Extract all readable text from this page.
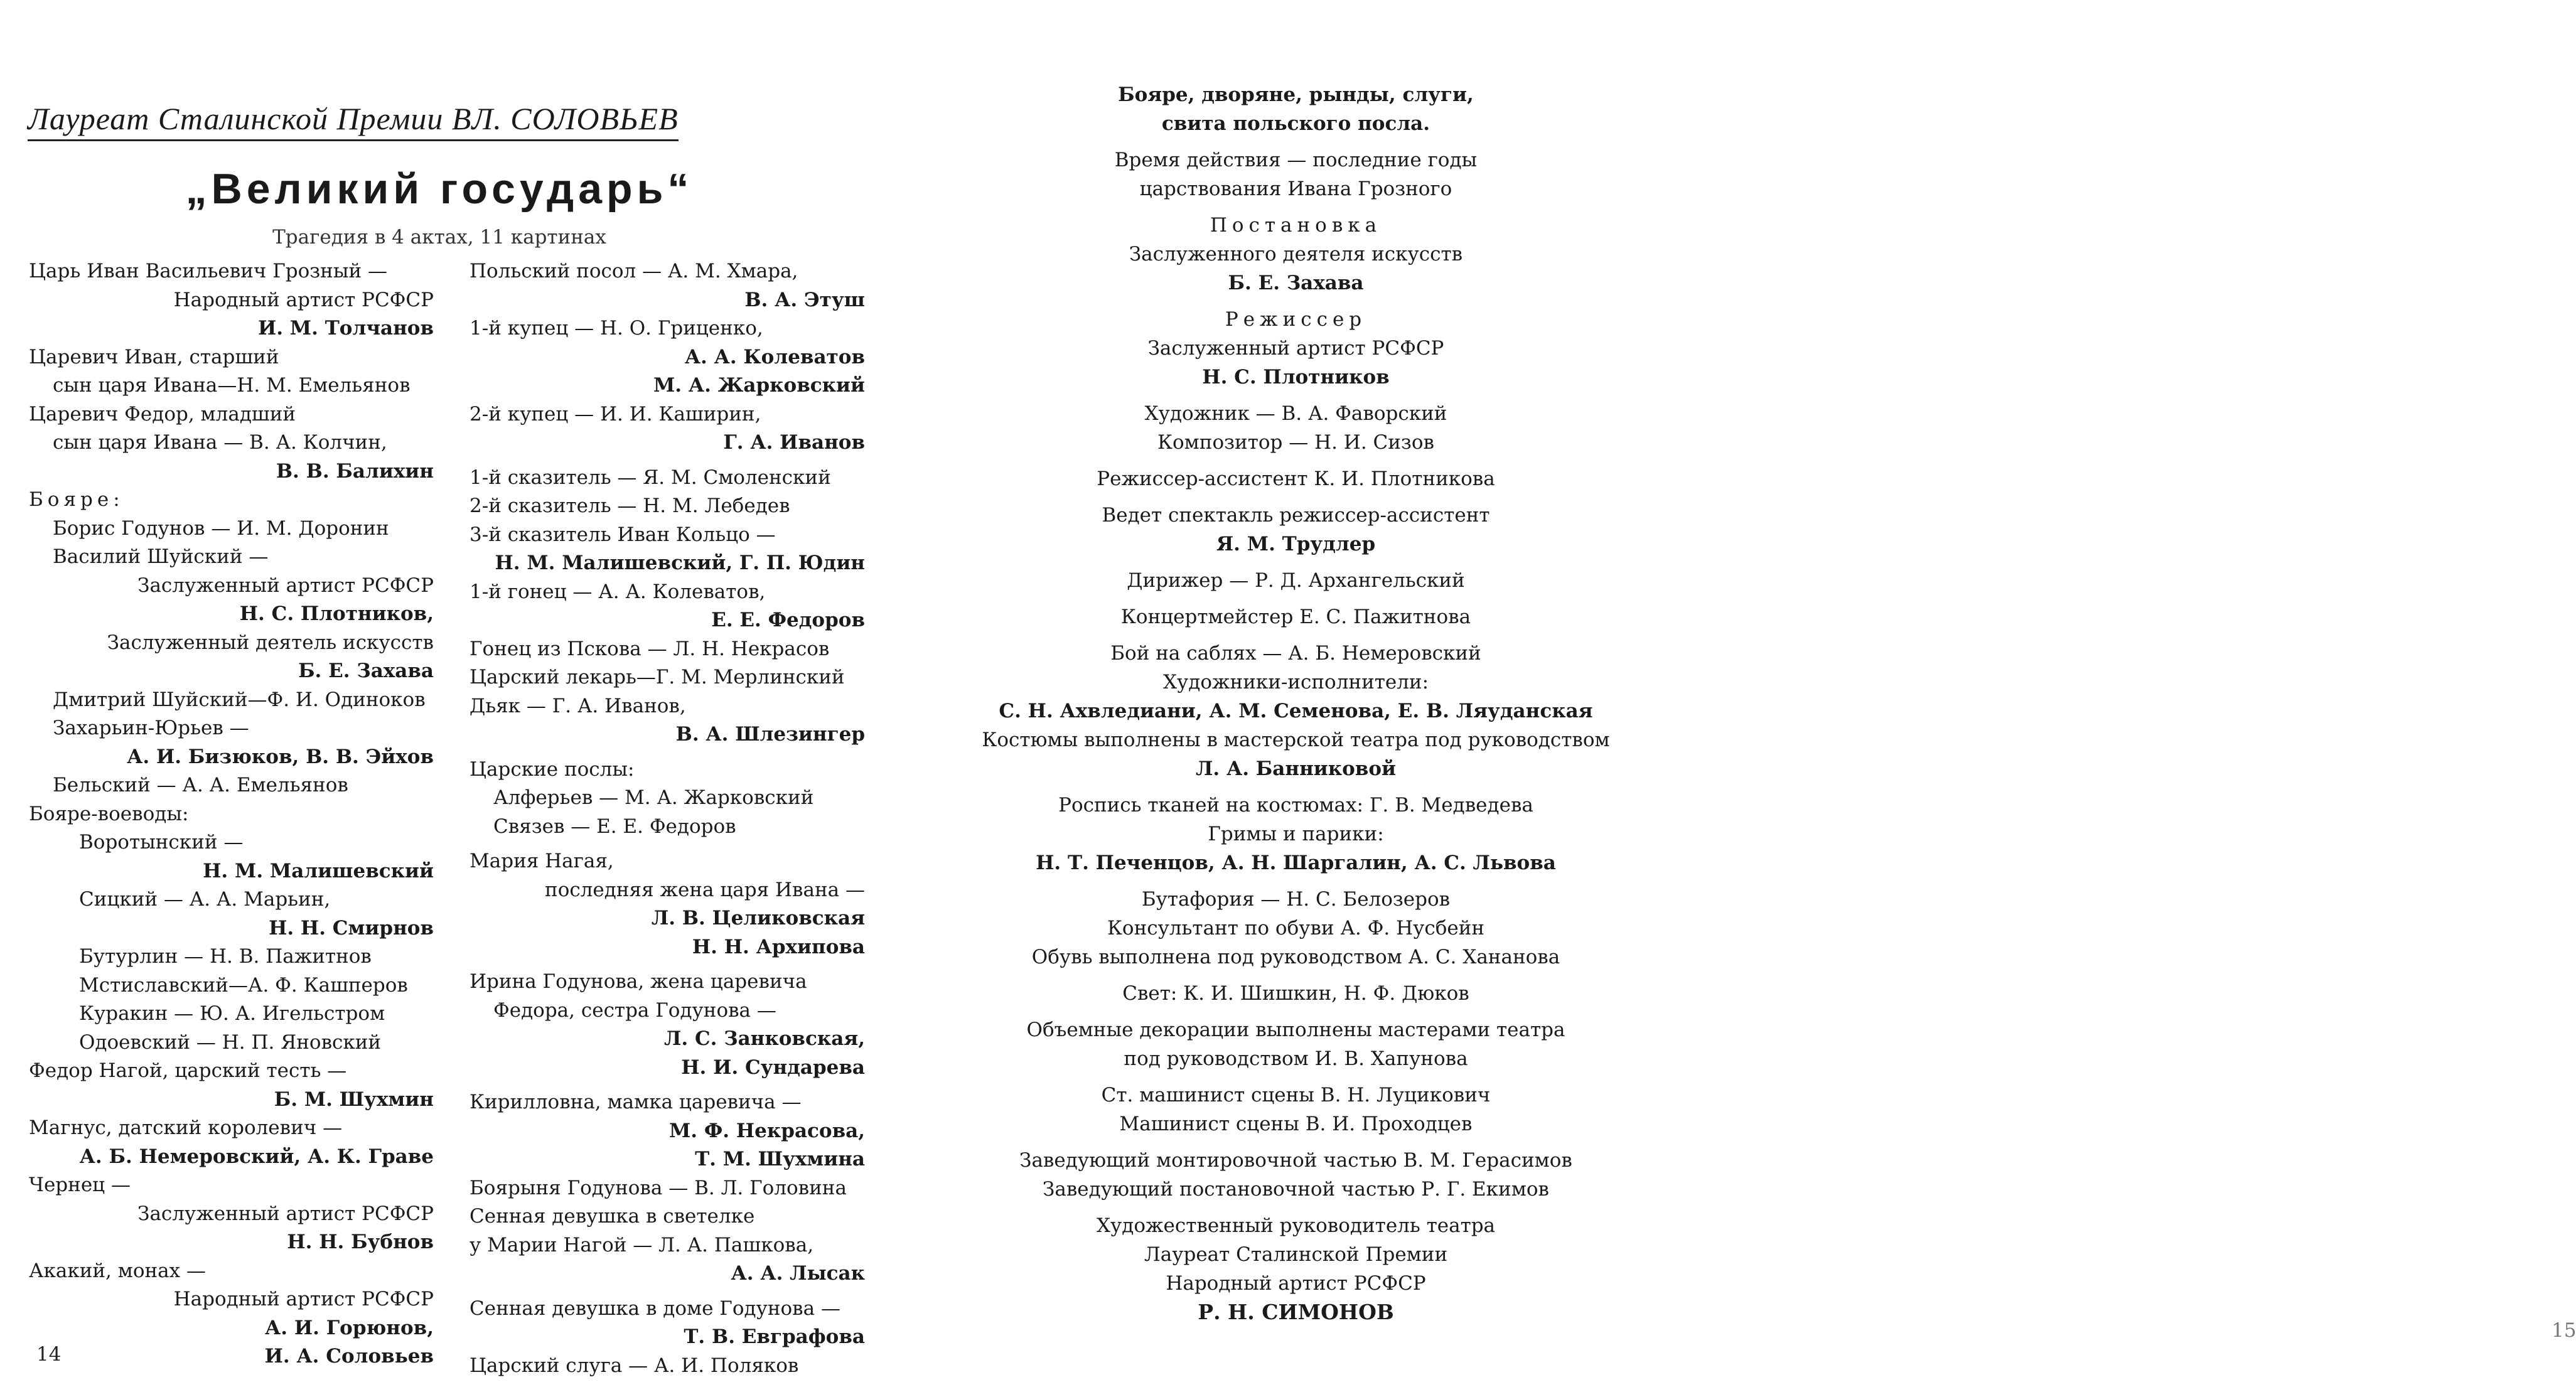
Лауреат Сталинской Премии ВЛ. СОЛОВЬЕВ
„Великий государь“
Трагедия в 4 актах, 11 картинах
Царь Иван Васильевич Грозный —
Народный артист РСФСР
И. М. Толчанов
Царевич Иван, старший
сын царя Ивана—Н. М. Емельянов
Царевич Федор, младший
сын царя Ивана — В. А. Колчин,
В. В. Балихин
Бояре:
Борис Годунов — И. М. Доронин
Василий Шуйский —
Заслуженный артист РСФСР
Н. С. Плотников,
Заслуженный деятель искусств
Б. Е. Захава
Дмитрий Шуйский—Ф. И. Одиноков
Захарьин-Юрьев —
А. И. Бизюков, В. В. Эйхов
Бельский — А. А. Емельянов
Бояре-воеводы:
Воротынский —
Н. М. Малишевский
Сицкий — А. А. Марьин,
Н. Н. Смирнов
Бутурлин — Н. В. Пажитнов
Мстиславский—А. Ф. Кашперов
Куракин — Ю. А. Игельстром
Одоевский — Н. П. Яновский
Федор Нагой, царский тесть —
Б. М. Шухмин
Магнус, датский королевич —
А. Б. Немеровский, А. К. Граве
Чернец —
Заслуженный артист РСФСР
Н. Н. Бубнов
Акакий, монах —
Народный артист РСФСР
А. И. Горюнов,
И. А. Соловьев
Польский посол — А. М. Хмара,
В. А. Этуш
1-й купец — Н. О. Гриценко,
А. А. Колеватов
М. А. Жарковский
2-й купец — И. И. Каширин,
Г. А. Иванов
1-й сказитель — Я. М. Смоленский
2-й сказитель — Н. М. Лебедев
3-й сказитель Иван Кольцо —
Н. М. Малишевский, Г. П. Юдин
1-й гонец — А. А. Колеватов,
Е. Е. Федоров
Гонец из Пскова — Л. Н. Некрасов
Царский лекарь—Г. М. Мерлинский
Дьяк — Г. А. Иванов,
В. А. Шлезингер
Царские послы:
Алферьев — М. А. Жарковский
Связев — Е. Е. Федоров
Мария Нагая,
последняя жена царя Ивана —
Л. В. Целиковская
Н. Н. Архипова
Ирина Годунова, жена царевича
Федора, сестра Годунова —
Л. С. Занковская,
Н. И. Сундарева
Кирилловна, мамка царевича —
М. Ф. Некрасова,
Т. М. Шухмина
Боярыня Годунова — В. Л. Головина
Сенная девушка в светелке
у Марии Нагой — Л. А. Пашкова,
А. А. Лысак
Сенная девушка в доме Годунова —
Т. В. Евграфова
Царский слуга — А. И. Поляков
14
Бояре, дворяне, рынды, слуги,
свита польского посла.
Время действия — последние годы
царствования Ивана Грозного
Постановка
Заслуженного деятеля искусств
Б. Е. Захава
Режиссер
Заслуженный артист РСФСР
Н. С. Плотников
Художник — В. А. Фаворский
Композитор — Н. И. Сизов
Режиссер-ассистент К. И. Плотникова
Ведет спектакль режиссер-ассистент
Я. М. Трудлер
Дирижер — Р. Д. Архангельский
Концертмейстер Е. С. Пажитнова
Бой на саблях — А. Б. Немеровский
Художники-исполнители:
С. Н. Ахвледиани, А. М. Семенова, Е. В. Ляуданская
Костюмы выполнены в мастерской театра под руководством
Л. А. Банниковой
Роспись тканей на костюмах: Г. В. Медведева
Гримы и парики:
Н. Т. Печенцов, А. Н. Шаргалин, А. С. Львова
Бутафория — Н. С. Белозеров
Консультант по обуви А. Ф. Нусбейн
Обувь выполнена под руководством А. С. Хананова
Свет: К. И. Шишкин, Н. Ф. Дюков
Объемные декорации выполнены мастерами театра
под руководством И. В. Хапунова
Ст. машинист сцены В. Н. Луцикович
Машинист сцены В. И. Проходцев
Заведующий монтировочной частью В. М. Герасимов
Заведующий постановочной частью Р. Г. Екимов
Художественный руководитель театра
Лауреат Сталинской Премии
Народный артист РСФСР
Р. Н. СИМОНОВ
15
